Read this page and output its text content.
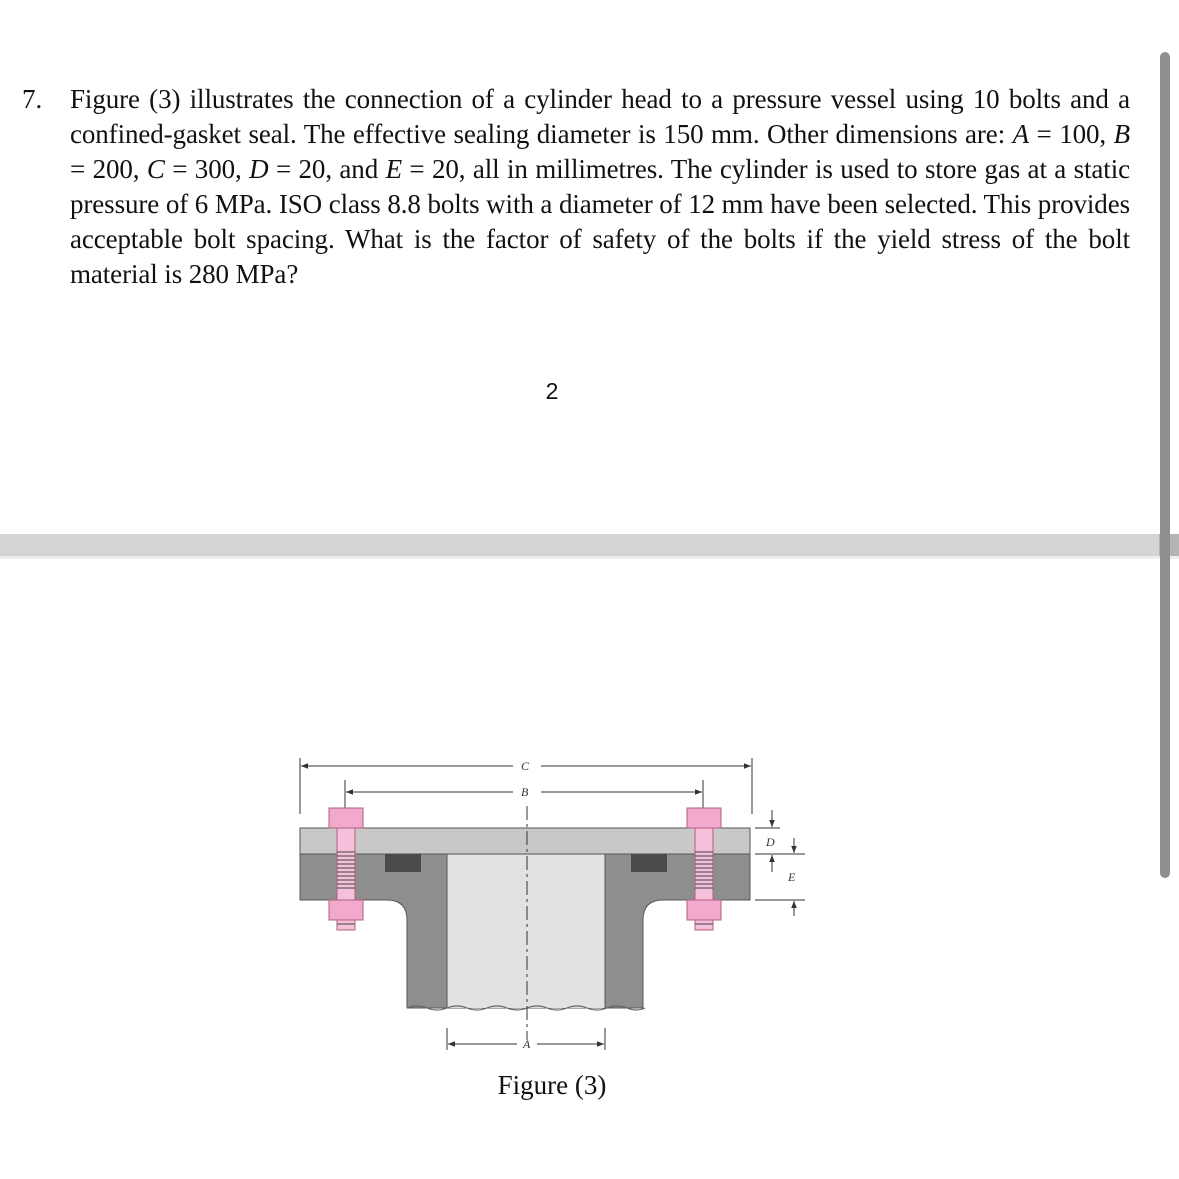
7. Figure (3) illustrates the connection of a cylinder head to a pressure vessel using 10 bolts and a confined-gasket seal. The effective sealing diameter is 150 mm. Other dimensions are: A = 100, B = 200, C = 300, D = 20, and E = 20, all in millimetres. The cylinder is used to store gas at a static pressure of 6 MPa. ISO class 8.8 bolts with a diameter of 12 mm have been selected. This provides acceptable bolt spacing. What is the factor of safety of the bolts if the yield stress of the bolt material is 280 MPa?
2
C
B
A
D
E
Figure (3)
